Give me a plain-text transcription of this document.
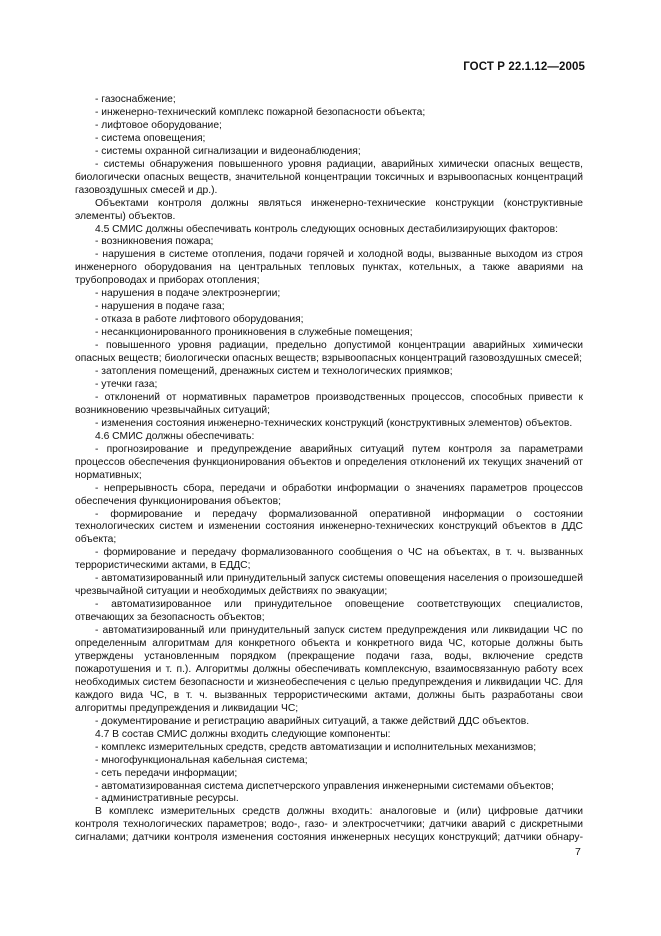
ГОСТ Р 22.1.12—2005
- газоснабжение;
- инженерно-технический комплекс пожарной безопасности объекта;
- лифтовое оборудование;
- система оповещения;
- системы охранной сигнализации и видеонаблюдения;
- системы обнаружения повышенного уровня радиации, аварийных химически опасных веществ, биологически опасных веществ, значительной концентрации токсичных и взрывоопасных концентраций газовоздушных смесей и др.).
Объектами контроля должны являться инженерно-технические конструкции (конструктивные элементы) объектов.
4.5 СМИС должны обеспечивать контроль следующих основных дестабилизирующих факторов:
- возникновения пожара;
- нарушения в системе отопления, подачи горячей и холодной воды, вызванные выходом из строя инженерного оборудования на центральных тепловых пунктах, котельных, а также авариями на трубопроводах и приборах отопления;
- нарушения в подаче электроэнергии;
- нарушения в подаче газа;
- отказа в работе лифтового оборудования;
- несанкционированного проникновения в служебные помещения;
- повышенного уровня радиации, предельно допустимой концентрации аварийных химически опасных веществ; биологически опасных веществ; взрывоопасных концентраций газовоздушных смесей;
- затопления помещений, дренажных систем и технологических приямков;
- утечки газа;
- отклонений от нормативных параметров производственных процессов, способных привести к возникновению чрезвычайных ситуаций;
- изменения состояния инженерно-технических конструкций (конструктивных элементов) объектов.
4.6 СМИС должны обеспечивать:
- прогнозирование и предупреждение аварийных ситуаций путем контроля за параметрами процессов обеспечения функционирования объектов и определения отклонений их текущих значений от нормативных;
- непрерывность сбора, передачи и обработки информации о значениях параметров процессов обеспечения функционирования объектов;
- формирование и передачу формализованной оперативной информации о состоянии технологических систем и изменении состояния инженерно-технических конструкций объектов в ДДС объекта;
- формирование и передачу формализованного сообщения о ЧС на объектах, в т. ч. вызванных террористическими актами, в ЕДДС;
- автоматизированный или принудительный запуск системы оповещения населения о произошедшей чрезвычайной ситуации и необходимых действиях по эвакуации;
- автоматизированное или принудительное оповещение соответствующих специалистов, отвечающих за безопасность объектов;
- автоматизированный или принудительный запуск систем предупреждения или ликвидации ЧС по определенным алгоритмам для конкретного объекта и конкретного вида ЧС, которые должны быть утверждены установленным порядком (прекращение подачи газа, воды, включение средств пожаротушения и т. п.). Алгоритмы должны обеспечивать комплексную, взаимосвязанную работу всех необходимых систем безопасности и жизнеобеспечения с целью предупреждения и ликвидации ЧС. Для каждого вида ЧС, в т. ч. вызванных террористическими актами, должны быть разработаны свои алгоритмы предупреждения и ликвидации ЧС;
- документирование и регистрацию аварийных ситуаций, а также действий ДДС объектов.
4.7 В состав СМИС должны входить следующие компоненты:
- комплекс измерительных средств, средств автоматизации и исполнительных механизмов;
- многофункциональная кабельная система;
- сеть передачи информации;
- автоматизированная система диспетчерского управления инженерными системами объектов;
- административные ресурсы.
В комплекс измерительных средств должны входить: аналоговые и (или) цифровые датчики контроля технологических параметров; водо-, газо- и электросчетчики; датчики аварий с дискретными сигналами; датчики контроля изменения состояния инженерных несущих конструкций; датчики обнару-
7
